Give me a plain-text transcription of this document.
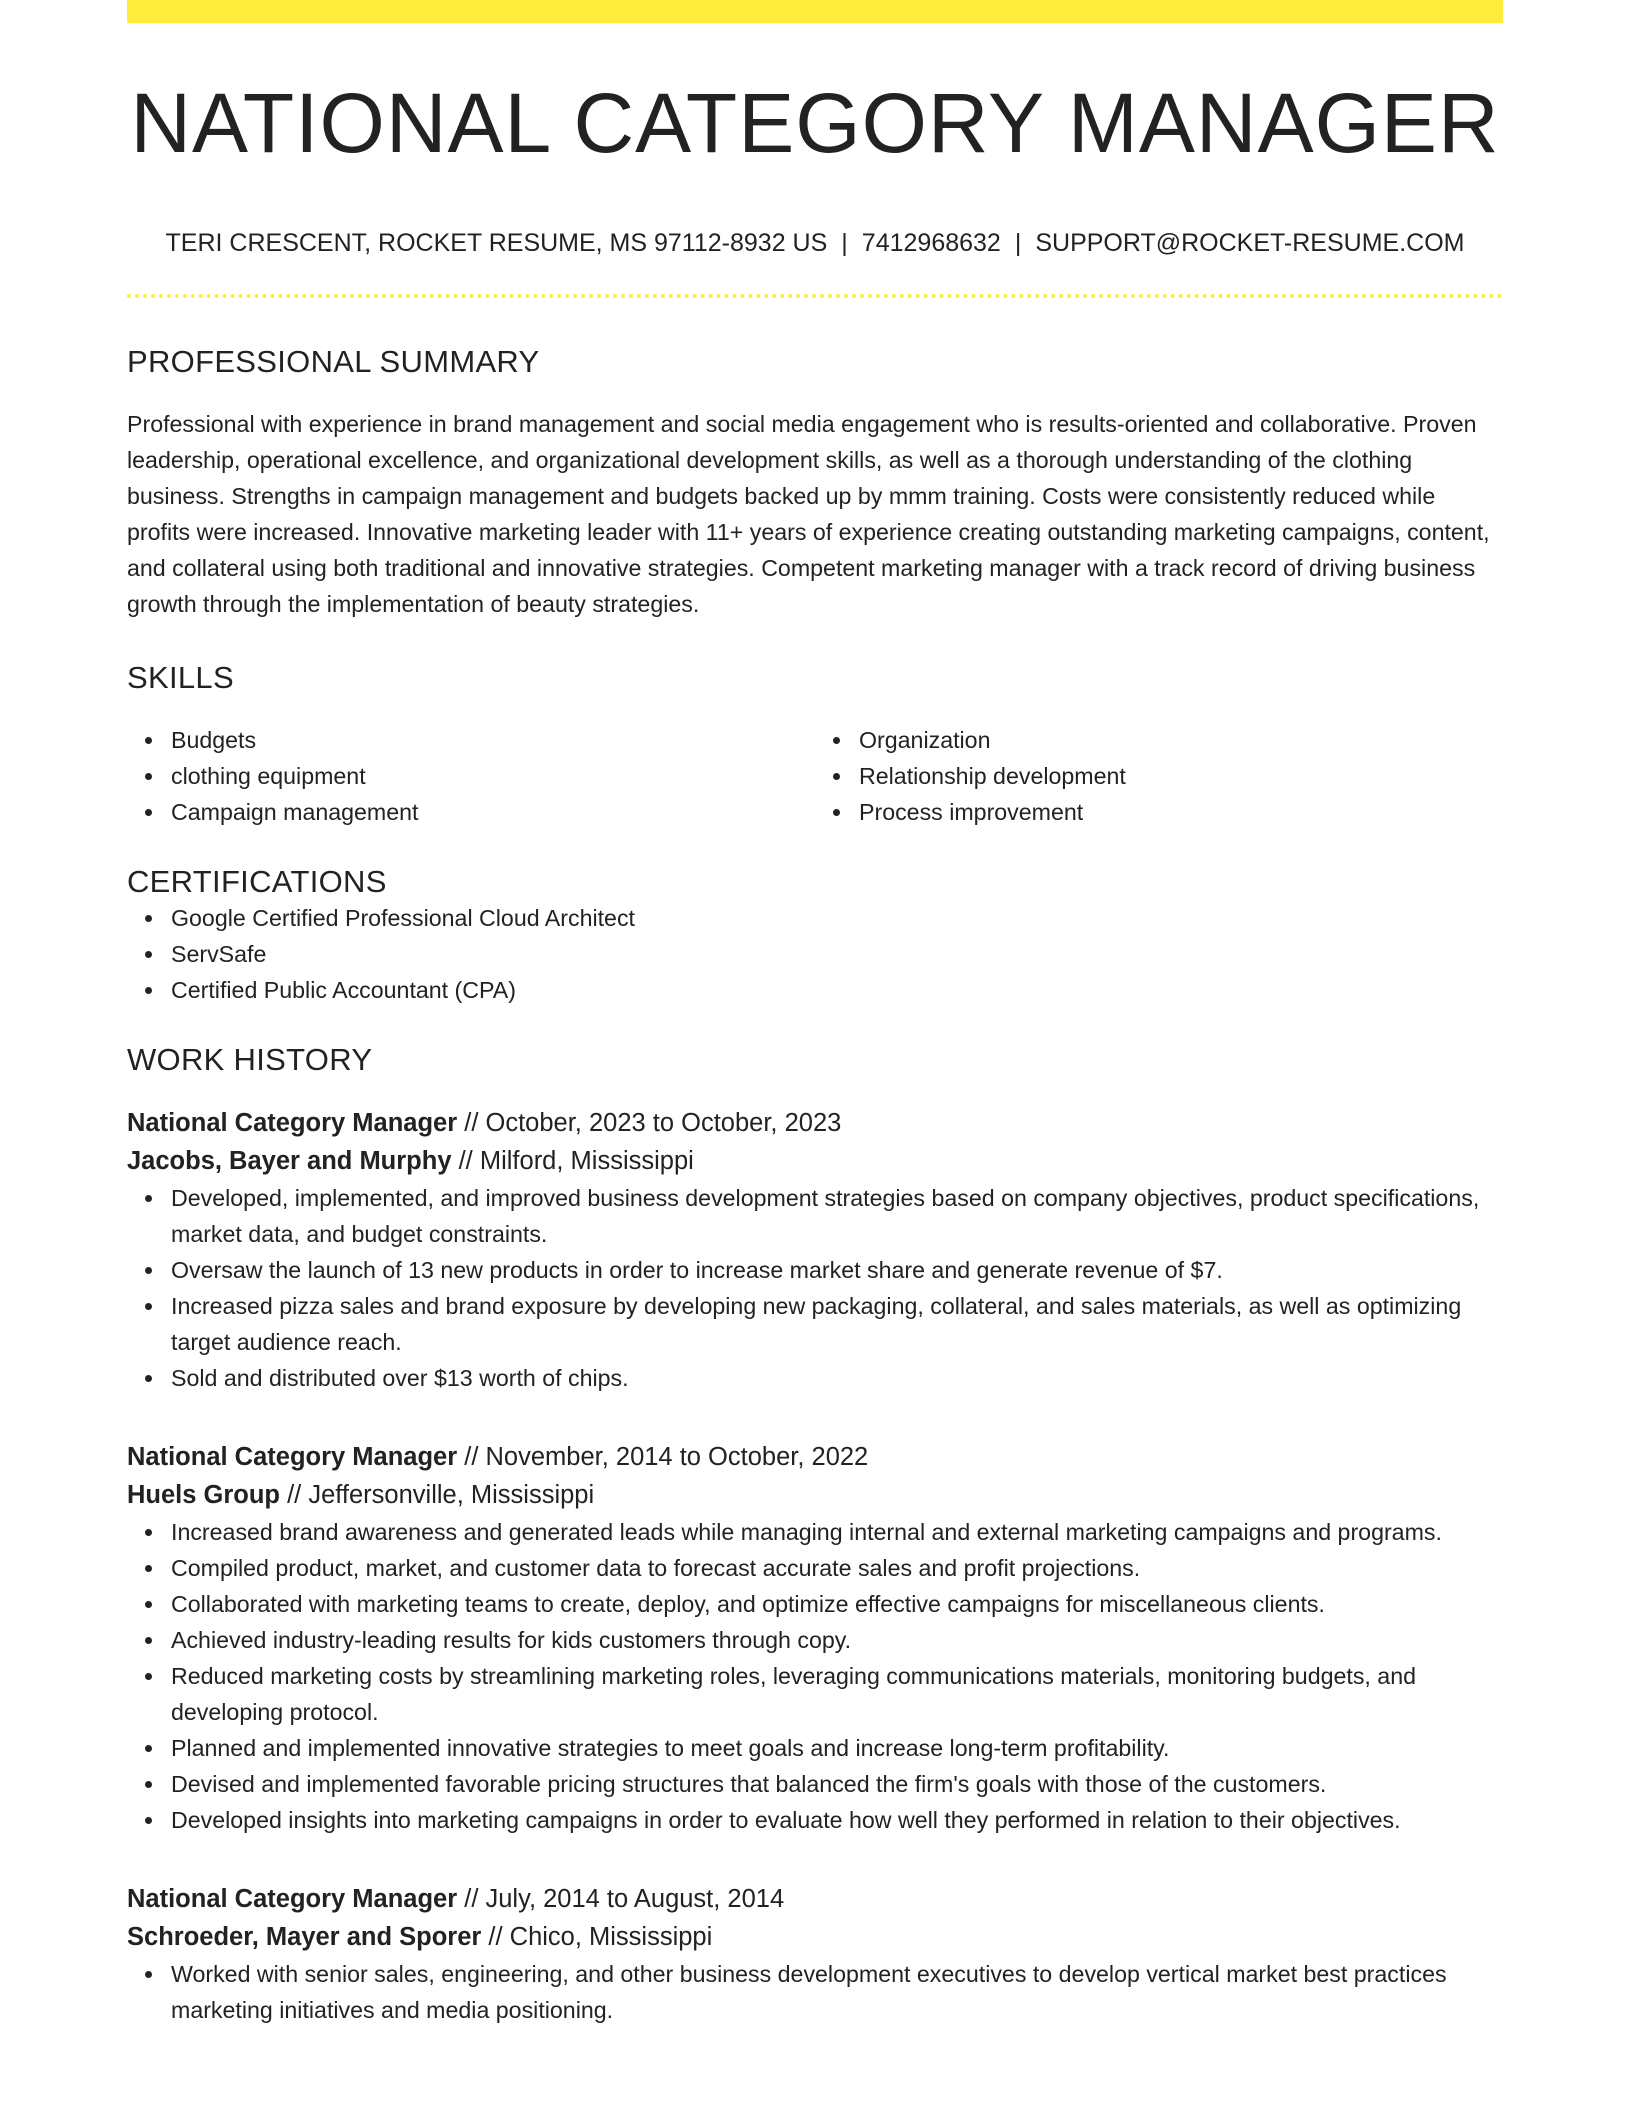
NATIONAL CATEGORY MANAGER
TERI CRESCENT, ROCKET RESUME, MS 97112-8932 US | 7412968632 | SUPPORT@ROCKET-RESUME.COM
PROFESSIONAL SUMMARY

Professional with experience in brand management and social media engagement who is results-oriented and collaborative. Proven leadership, operational excellence, and organizational development skills, as well as a thorough understanding of the clothing business. Strengths in campaign management and budgets backed up by mmm training. Costs were consistently reduced while profits were increased. Innovative marketing leader with 11+ years of experience creating outstanding marketing campaigns, content, and collateral using both traditional and innovative strategies. Competent marketing manager with a track record of driving business growth through the implementation of beauty strategies.

SKILLS
Budgets
clothing equipment
Campaign management
Organization
Relationship development
Process improvement
CERTIFICATIONS
Google Certified Professional Cloud Architect
ServSafe
Certified Public Accountant (CPA)
WORK HISTORY
National Category Manager // October, 2023 to October, 2023
Jacobs, Bayer and Murphy // Milford, Mississippi
Developed, implemented, and improved business development strategies based on company objectives, product specifications, market data, and budget constraints.
Oversaw the launch of 13 new products in order to increase market share and generate revenue of $7.
Increased pizza sales and brand exposure by developing new packaging, collateral, and sales materials, as well as optimizing target audience reach.
Sold and distributed over $13 worth of chips.
National Category Manager // November, 2014 to October, 2022
Huels Group // Jeffersonville, Mississippi
Increased brand awareness and generated leads while managing internal and external marketing campaigns and programs.
Compiled product, market, and customer data to forecast accurate sales and profit projections.
Collaborated with marketing teams to create, deploy, and optimize effective campaigns for miscellaneous clients.
Achieved industry-leading results for kids customers through copy.
Reduced marketing costs by streamlining marketing roles, leveraging communications materials, monitoring budgets, and developing protocol.
Planned and implemented innovative strategies to meet goals and increase long-term profitability.
Devised and implemented favorable pricing structures that balanced the firm's goals with those of the customers.
Developed insights into marketing campaigns in order to evaluate how well they performed in relation to their objectives.
National Category Manager // July, 2014 to August, 2014
Schroeder, Mayer and Sporer // Chico, Mississippi
Worked with senior sales, engineering, and other business development executives to develop vertical market best practices marketing initiatives and media positioning.
